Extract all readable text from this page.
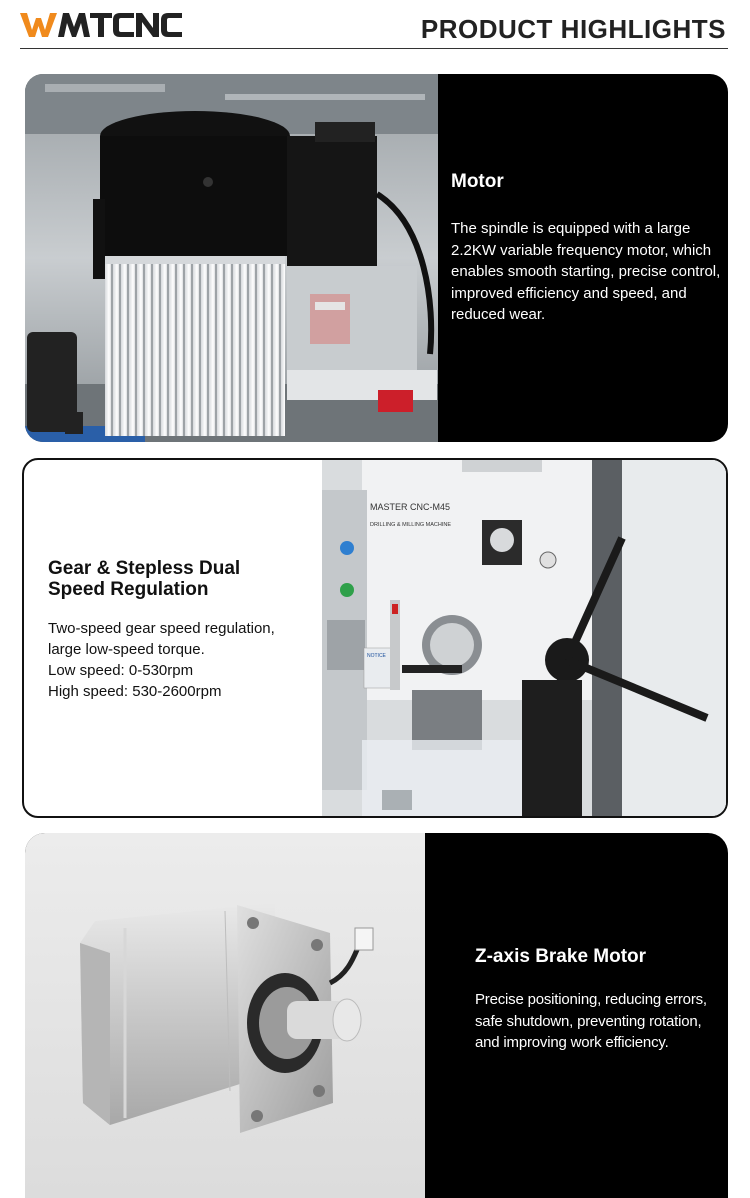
PRODUCT HIGHLIGHTS
Motor

The spindle is equipped with a large 2.2KW variable frequency motor, which enables smooth starting, precise control, improved efficiency and speed, and reduced wear.

Gear & Stepless Dual Speed Regulation
Two-speed gear speed regulation,
large low-speed torque.
Low speed: 0-530rpm
High speed: 530-2600rpm
MASTER CNC-M45
DRILLING & MILLING MACHINE
NOTICE
Z-axis Brake Motor

Precise positioning, reducing errors, safe shutdown, preventing rotation, and improving work efficiency.
